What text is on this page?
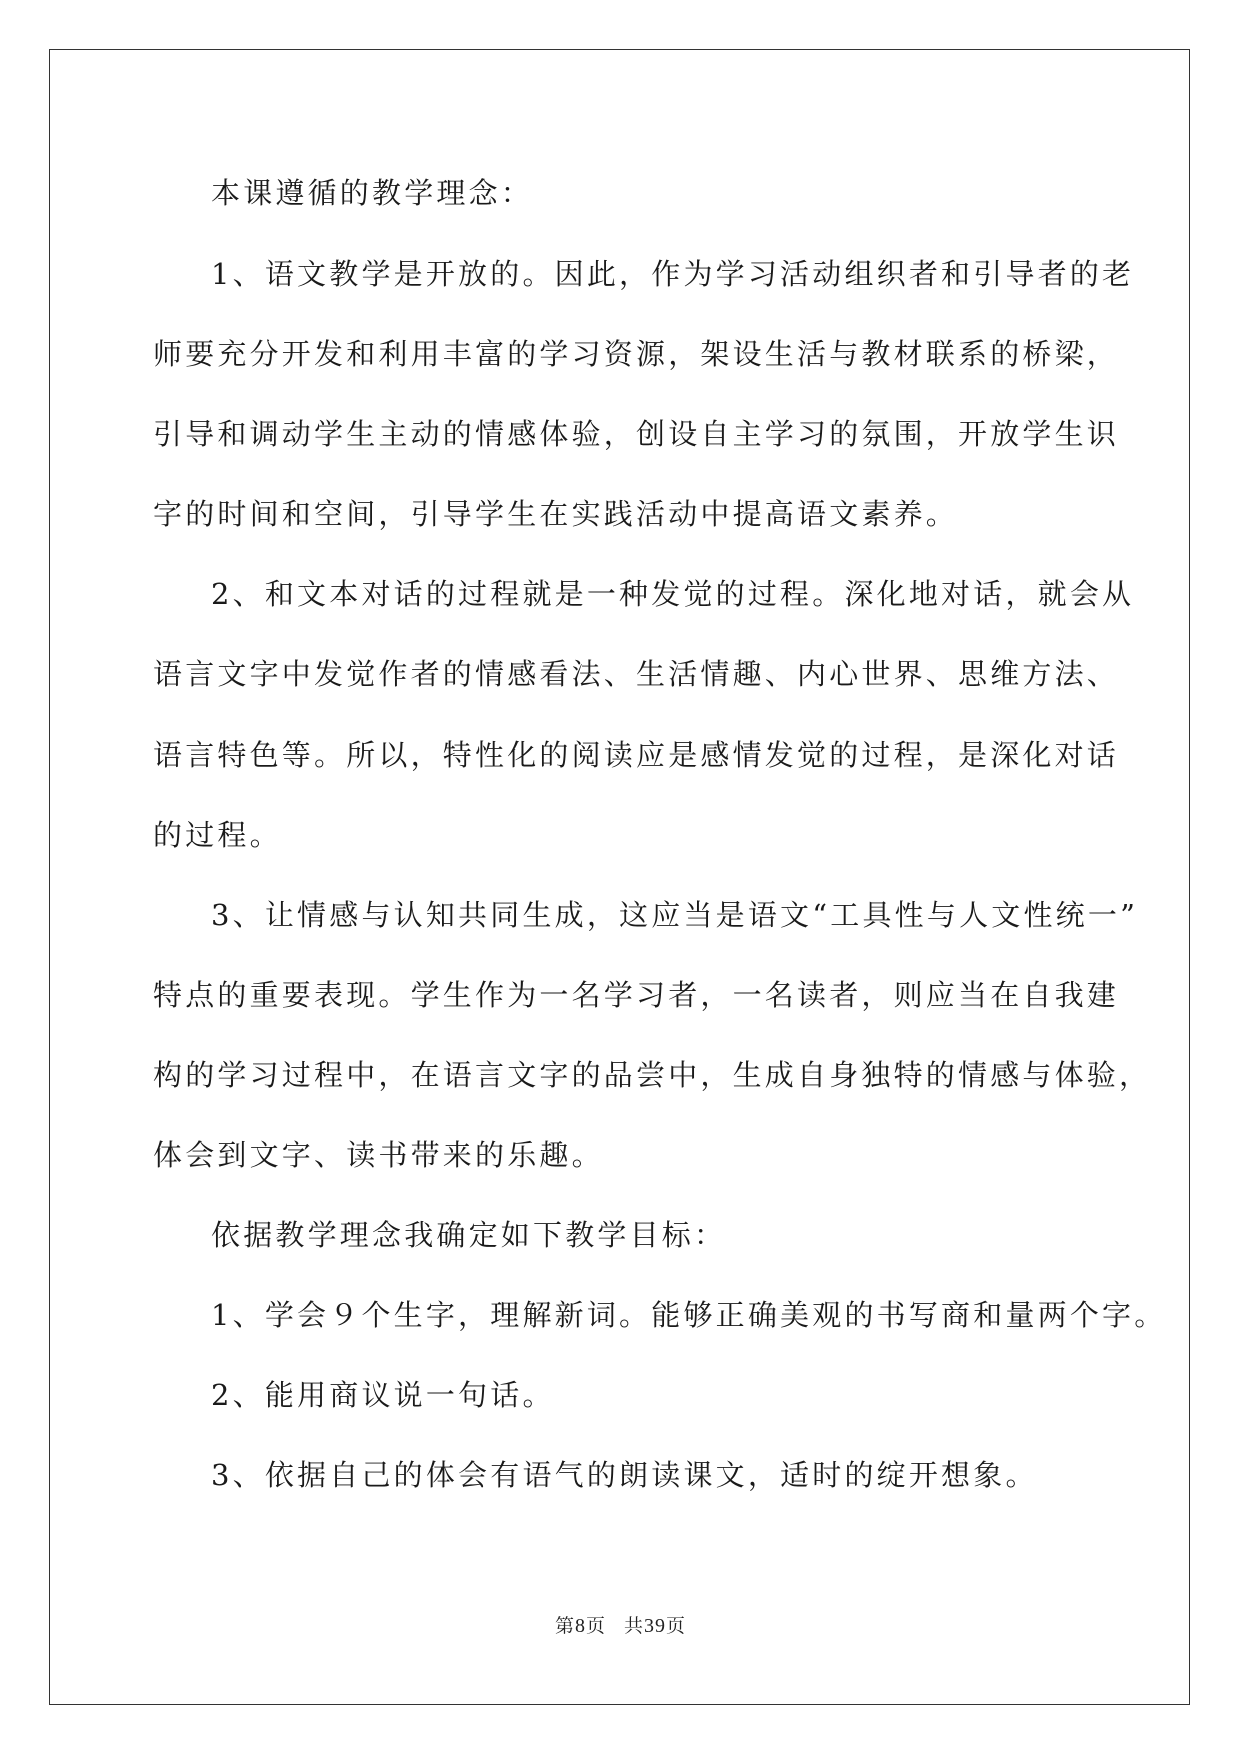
本课遵循的教学理念：
1、语文教学是开放的。因此，作为学习活动组织者和引导者的老
师要充分开发和利用丰富的学习资源，架设生活与教材联系的桥梁，
引导和调动学生主动的情感体验，创设自主学习的氛围，开放学生识
字的时间和空间，引导学生在实践活动中提高语文素养。
2、和文本对话的过程就是一种发觉的过程。深化地对话，就会从
语言文字中发觉作者的情感看法、生活情趣、内心世界、思维方法、
语言特色等。所以，特性化的阅读应是感情发觉的过程，是深化对话
的过程。
3、让情感与认知共同生成，这应当是语文“工具性与人文性统一”
特点的重要表现。学生作为一名学习者，一名读者，则应当在自我建
构的学习过程中，在语言文字的品尝中，生成自身独特的情感与体验，
体会到文字、读书带来的乐趣。
依据教学理念我确定如下教学目标：
1、学会９个生字，理解新词。能够正确美观的书写商和量两个字。
2、能用商议说一句话。
3、依据自己的体会有语气的朗读课文，适时的绽开想象。
第8页 共39页
